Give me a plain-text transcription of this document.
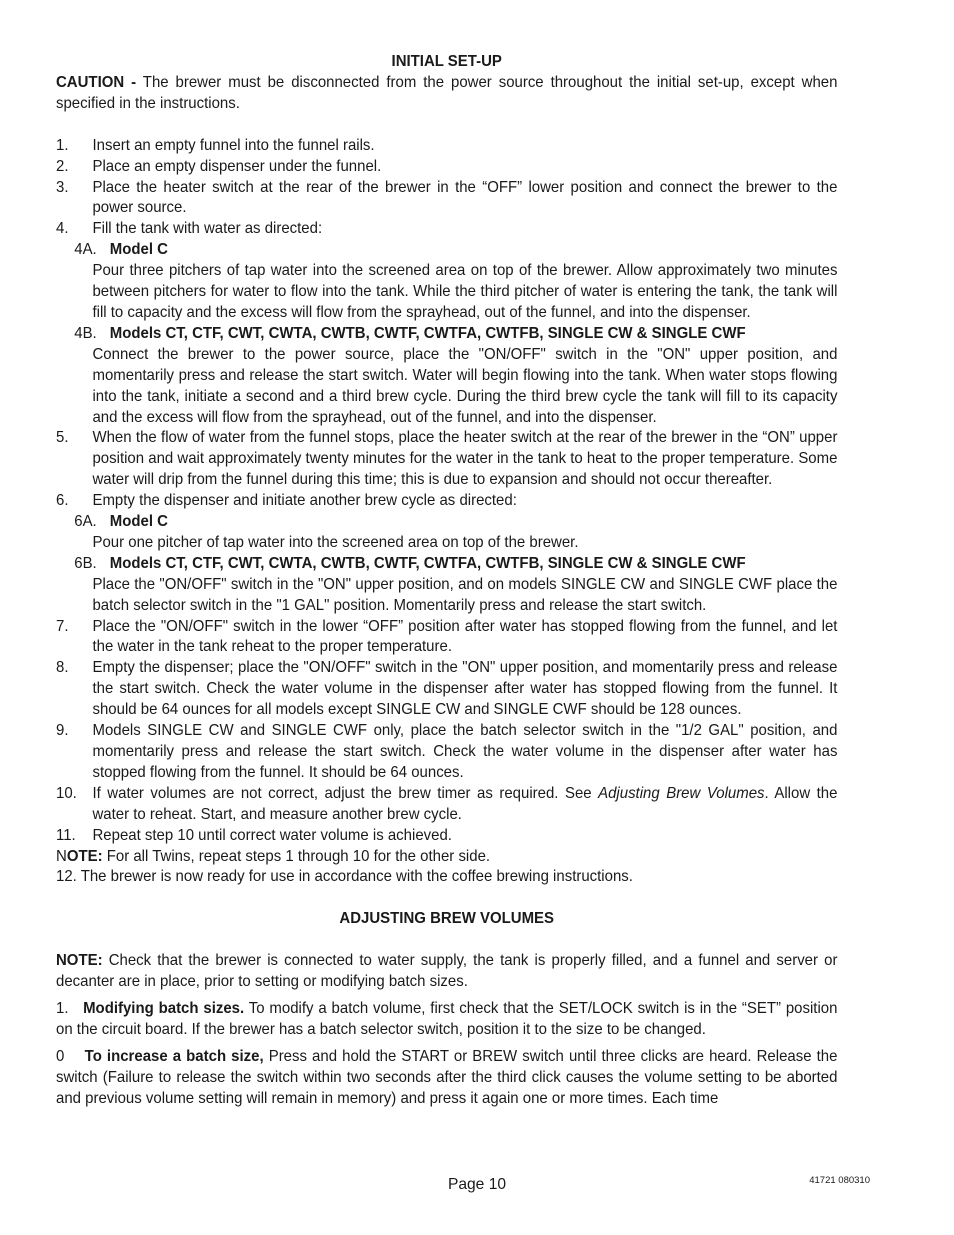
INITIAL SET-UP

CAUTION - The brewer must be disconnected from the power source throughout the initial set-up, except when specified in the instructions.

1.	Insert an empty funnel into the funnel rails.
2.	Place an empty dispenser under the funnel.
3.	Place the heater switch at the rear of the brewer in the “OFF” lower position and connect the brewer to the power source.
4.	Fill the tank with water as directed:
4A. Model C

Pour three pitchers of tap water into the screened area on top of the brewer. Allow approximately two minutes between pitchers for water to flow into the tank. While the third pitcher of water is entering the tank, the tank will fill to capacity and the excess will flow from the sprayhead, out of the funnel, and into the dispenser.

4B. Models CT, CTF, CWT, CWTA, CWTB, CWTF, CWTFA, CWTFB, SINGLE CW & SINGLE CWF

Connect the brewer to the power source, place the "ON/OFF" switch in the "ON" upper position, and momentarily press and release the start switch. Water will begin flowing into the tank. When water stops flowing into the tank, initiate a second and a third brew cycle. During the third brew cycle the tank will fill to its capacity and the excess will flow from the sprayhead, out of the funnel, and into the dispenser.

5.	When the flow of water from the funnel stops, place the heater switch at the rear of the brewer in the “ON” upper position and wait approximately twenty minutes for the water in the tank to heat to the proper temperature. Some water will drip from the funnel during this time; this is due to expansion and should not occur thereafter.
6.	Empty the dispenser and initiate another brew cycle as directed:
6A. Model C

Pour one pitcher of tap water into the screened area on top of the brewer.

6B. Models CT, CTF, CWT, CWTA, CWTB, CWTF, CWTFA, CWTFB, SINGLE CW & SINGLE CWF

Place the "ON/OFF" switch in the "ON" upper position, and on models SINGLE CW and SINGLE CWF place the batch selector switch in the "1 GAL" position. Momentarily press and release the start switch.

7.	Place the "ON/OFF" switch in the lower “OFF” position after water has stopped flowing from the funnel, and let the water in the tank reheat to the proper temperature.
8.	Empty the dispenser; place the "ON/OFF" switch in the "ON" upper position, and momentarily press and release the start switch. Check the water volume in the dispenser after water has stopped flowing from the funnel. It should be 64 ounces for all models except SINGLE CW and SINGLE CWF should be 128 ounces.
9.	Models SINGLE CW and SINGLE CWF only, place the batch selector switch in the "1/2 GAL" position, and momentarily press and release the start switch. Check the water volume in the dispenser after water has stopped flowing from the funnel. It should be 64 ounces.
10.	If water volumes are not correct, adjust the brew timer as required. See Adjusting Brew Volumes. Allow the water to reheat. Start, and measure another brew cycle.
11.	Repeat step 10 until correct water volume is achieved.

NOTE: For all Twins, repeat steps 1 through 10 for the other side.

12. The brewer is now ready for use in accordance with the coffee brewing instructions.

ADJUSTING BREW VOLUMES

NOTE: Check that the brewer is connected to water supply, the tank is properly filled, and a funnel and server or decanter are in place, prior to setting or modifying batch sizes.

1. Modifying batch sizes. To modify a batch volume, first check that the SET/LOCK switch is in the “SET” position on the circuit board. If the brewer has a batch selector switch, position it to the size to be changed.

0 To increase a batch size, Press and hold the START or BREW switch until three clicks are heard. Release the switch (Failure to release the switch within two seconds after the third click causes the volume setting to be aborted and previous volume setting will remain in memory) and press it again one or more times. Each time

Page 10	41721 080310
